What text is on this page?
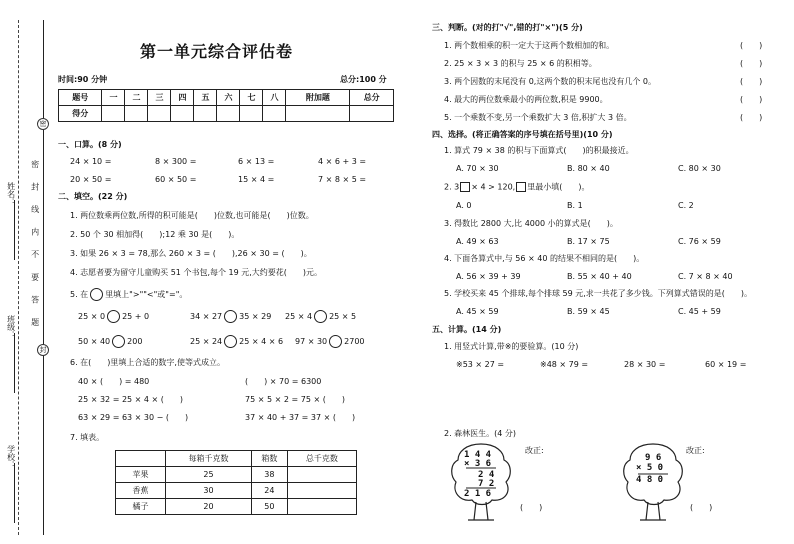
姓名：
班级：
学校：
密 封 线 内 不 要 答 题
密
封
第一单元综合评估卷
时间:90 分钟	总分:100 分
题号	一	二	三	四	五	六	七	八	附加题	总分
得分										
一、口算。(8 分)
24 × 10 =	8 × 300 =	6 × 13 =	4 × 6 + 3 =
20 × 50 =	60 × 50 =	15 × 4 =	7 × 8 × 5 =
二、填空。(22 分)
1. 两位数乘两位数,所得的积可能是(　　)位数,也可能是(　　)位数。
2. 50 个 30 相加得(　　);12 乘 30 是(　　)。
3. 如果 26 × 3 = 78,那么 260 × 3 = (　　),26 × 30 = (　　)。
4. 志愿者要为留守儿童购买 51 个书包,每个 19 元,大约要花(　　)元。
5. 在 里填上">""<"或"="。
25 × 0 25 + 0	34 × 27 35 × 29 25 × 4 25 × 5
50 × 40 200	25 × 24 25 × 4 × 6 97 × 30 2700
6. 在(　　)里填上合适的数字,使等式成立。
40 × (　　) = 480	(　　) × 70 = 6300
25 × 32 = 25 × 4 × (　　)	75 × 5 × 2 = 75 × (　　)
63 × 29 = 63 × 30 − (　　)	37 × 40 + 37 = 37 × (　　)
7. 填表。
	每箱千克数	箱数	总千克数
苹果	25	38	
香蕉	30	24	
橘子	20	50	
三、判断。(对的打"√",错的打"×")(5 分)
1. 两个数相乘的积一定大于这两个数相加的和。	(　　)
2. 25 × 3 × 3 的积与 25 × 6 的积相等。	(　　)
3. 两个因数的末尾没有 0,这两个数的积末尾也没有几个 0。	(　　)
4. 最大的两位数乘最小的两位数,积是 9900。	(　　)
5. 一个乘数不变,另一个乘数扩大 3 倍,积扩大 3 倍。	(　　)
四、选择。(将正确答案的序号填在括号里)(10 分)
1. 算式 79 × 38 的积与下面算式(　　)的积最接近。
A. 70 × 30	B. 80 × 40	C. 80 × 30
2. 3 × 4 > 120, 里最小填(　　)。
A. 0	B. 1	C. 2
3. 得数比 2800 大,比 4000 小的算式是(　　)。
A. 49 × 63	B. 17 × 75	C. 76 × 59
4. 下面各算式中,与 56 × 40 的结果不相同的是(　　)。
A. 56 × 39 + 39	B. 55 × 40 + 40	C. 7 × 8 × 40
5. 学校买来 45 个排球,每个排球 59 元,求一共花了多少钱。下列算式错误的是(　　)。
A. 45 × 59	B. 59 × 45	C. 45 + 59
五、计算。(14 分)
1. 用竖式计算,带※的要验算。(10 分)
※53 × 27 =	※48 × 79 =	28 × 30 =	60 × 19 =
2. 森林医生。(4 分)
1 4 4
× 3 6
2 4
7 2
2 1 6
改正:
(　　)
9 6
× 5 0
4 8 0
改正:
(　　)
